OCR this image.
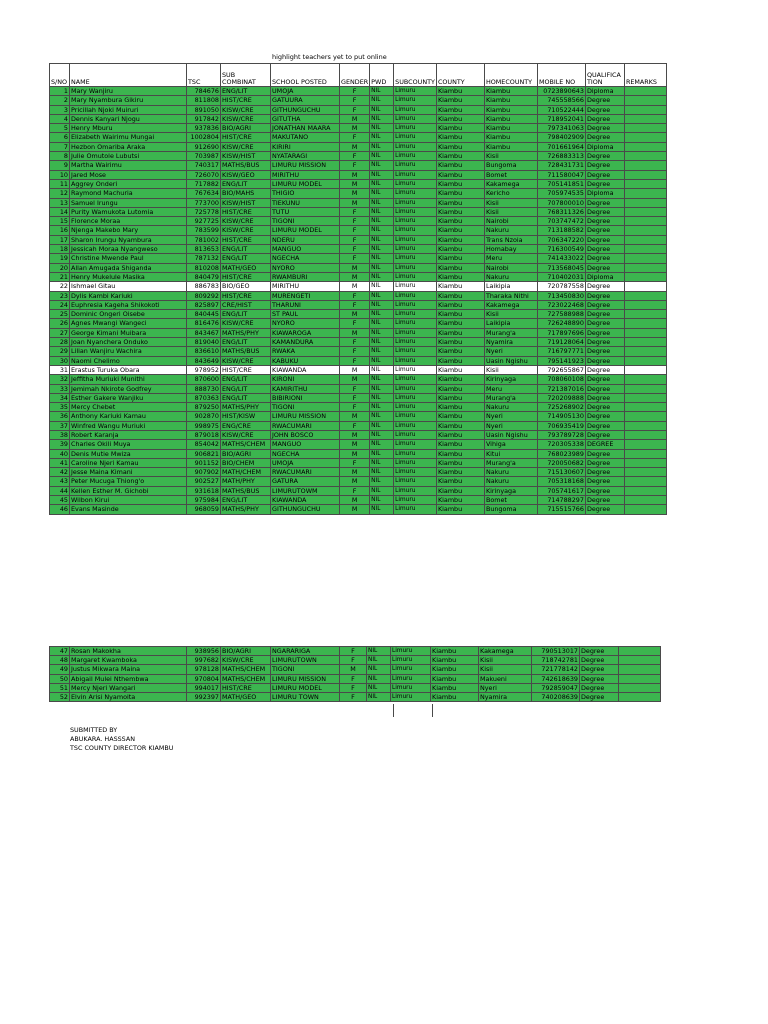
highlight teachers yet to put online
S/NO	NAME	TSC	SUB COMBINAT	SCHOOL POSTED	GENDER	PWD	SUBCOUNTY	COUNTY	HOMECOUNTY	MOBILE NO	QUALIFICA TION	REMARKS
1	Mary Wanjiru	784676	ENG/LIT	UMOJA	F	NIL	Limuru	Kiambu	Kiambu	0723890643	Diploma	
2	Mary Nyambura Gikiru	811808	HIST/CRE	GATUURA	F	NIL	Limuru	Kiambu	Kiambu	745558566	Degree	
3	Pricillah Njoki Muiruri	891050	KISW/CRE	GITHUNGUCHU	F	NIL	Limuru	Kiambu	Kiambu	710522444	Degree	
4	Dennis Kanyari Njogu	917842	KISW/CRE	GITUTHA	M	NIL	Limuru	Kiambu	Kiambu	718952041	Degree	
5	Henry Mburu	937836	BIO/AGRI	JONATHAN MAARA	M	NIL	Limuru	Kiambu	Kiambu	797341063	Degree	
6	Elizabeth Wairimu Mungai	1002804	HIST/CRE	MAKUTANO	F	NIL	Limuru	Kiambu	Kiambu	798402909	Degree	
7	Hezbon Omariba Araka	912690	KISW/CRE	KIRIRI	M	NIL	Limuru	Kiambu	Kiambu	701661964	Diploma	
8	Julie Omutole Lubutsi	703987	KISW/HIST	NYATARAGI	F	NIL	Limuru	Kiambu	Kisii	726883313	Degree	
9	Martha Wairimu	740317	MATHS/BUS	LIMURU MISSION	F	NIL	Limuru	Kiambu	Bungoma	728431731	Degree	
10	Jared Mose	726070	KISW/GEO	MIRITHU	M	NIL	Limuru	Kiambu	Bomet	711580047	Degree	
11	Aggrey Onderi	717882	ENG/LIT	LIMURU MODEL	M	NIL	Limuru	Kiambu	Kakamega	705141851	Degree	
12	Raymond Machuria	767634	BIO/MAHS	THIGIO	M	NIL	Limuru	Kiambu	Kericho	705974535	Diploma	
13	Samuel Irungu	773700	KISW/HIST	TIEKUNU	M	NIL	Limuru	Kiambu	Kisii	707800010	Degree	
14	Purity Wamukota Lutomia	725778	HIST/CRE	TUTU	F	NIL	Limuru	Kiambu	Kisii	768311326	Degree	
15	Florence Moraa	927725	KISW/CRE	TIGONI	F	NIL	Limuru	Kiambu	Nairobi	703747472	Degree	
16	Njenga Makebo Mary	783599	KISW/CRE	LIMURU MODEL	F	NIL	Limuru	Kiambu	Nakuru	713188582	Degree	
17	Sharon Irungu Nyambura	781002	HIST/CRE	NDERU	F	NIL	Limuru	Kiambu	Trans Nzoia	706347220	Degree	
18	Jessicah Moraa Nyangweso	813653	ENG/LIT	MANGUO	F	NIL	Limuru	Kiambu	Homabay	716300549	Degree	
19	Christine Mwende Paul	787132	ENG/LIT	NGECHA	F	NIL	Limuru	Kiambu	Meru	741433022	Degree	
20	Allan Amugada Shiganda	810208	MATH/GEO	NYORO	M	NIL	Limuru	Kiambu	Nairobi	713568045	Degree	
21	Henry Mukelule Masika	840479	HIST/CRE	RWAMBURI	M	NIL	Limuru	Kiambu	Nakuru	710402031	Diploma	
22	Ishmael Gitau	886783	BIO/GEO	MIRITHU	M	NIL	Limuru	Kiambu	Laikipia	720787558	Degree	
23	Dylis Kambi Kariuki	809292	HIST/CRE	MURENGETI	F	NIL	Limuru	Kiambu	Tharaka Nithi	713450830	Degree	
24	Euphresia Kageha Shikokoti	825897	CRE/HIST	THARUNI	F	NIL	Limuru	Kiambu	Kakamega	723022468	Degree	
25	Dominic Ongeri Oisebe	840445	ENG/LIT	ST PAUL	M	NIL	Limuru	Kiambu	Kisii	727588988	Degree	
26	Agnes Mwangi Wangeci	816476	KISW/CRE	NYORO	F	NIL	Limuru	Kiambu	Laikipia	726248890	Degree	
27	George Kimani Muibara	843467	MATHS/PHY	KIAWAROGA	M	NIL	Limuru	Kiambu	Murang'a	717897696	Degree	
28	Joan Nyanchera Onduko	819040	ENG/LIT	KAMANDURA	F	NIL	Limuru	Kiambu	Nyamira	719128064	Degree	
29	Lilian Wanjiru Wachira	836610	MATHS/BUS	RWAKA	F	NIL	Limuru	Kiambu	Nyeri	716797771	Degree	
30	Naomi Chelimo	843649	KISW/CRE	KABUKU	F	NIL	Limuru	Kiambu	Uasin Ngishu	795141923	Degree	
31	Erastus Turuka Obara	978952	HIST/CRE	KIAWANDA	M	NIL	Limuru	Kiambu	Kisii	792655867	Degree	
32	Jeffitha Muriuki Munithi	870600	ENG/LIT	KIRONI	M	NIL	Limuru	Kiambu	Kirinyaga	708060108	Degree	
33	Jemimah Nkirote Godfrey	888730	ENG/LIT	KAMIRITHU	F	NIL	Limuru	Kiambu	Meru	721387016	Degree	
34	Esther Gakere Wanjiku	870363	ENG/LIT	BIBIRIONI	F	NIL	Limuru	Kiambu	Murang'a	720209888	Degree	
35	Mercy Chebet	879250	MATHS/PHY	TIGONI	F	NIL	Limuru	Kiambu	Nakuru	725268902	Degree	
36	Anthony Kariuki Kamau	902870	HIST/KISW	LIMURU MISSION	M	NIL	Limuru	Kiambu	Nyeri	714905130	Degree	
37	Winfred Wangu Muriuki	998975	ENG/CRE	RWACUMARI	F	NIL	Limuru	Kiambu	Nyeri	706935419	Degree	
38	Robert Karanja	879018	KISW/CRE	JOHN BOSCO	M	NIL	Limuru	Kiambu	Uasin Ngishu	793789728	Degree	
39	Charles Okili Muya	854042	MATHS/CHEM	MANGUO	M	NIL	Limuru	Kiambu	Vihiga	720305338	DEGREE	
40	Denis Mutie Mwiza	906821	BIO/AGRI	NGECHA	M	NIL	Limuru	Kiambu	Kitui	768023989	Degree	
41	Caroline Njeri Kamau	901152	BIO/CHEM	UMOJA	F	NIL	Limuru	Kiambu	Murang'a	720050682	Degree	
42	Jesse Maina Kimani	907902	MATH/CHEM	RWACUMARI	M	NIL	Limuru	Kiambu	Nakuru	715130607	Degree	
43	Peter Mucuga Thiong'o	902527	MATH/PHY	GATURA	M	NIL	Limuru	Kiambu	Nakuru	705318168	Degree	
44	Kellen Esther M. Gichobi	931618	MATHS/BUS	LIMURUTOWM	F	NIL	Limuru	Kiambu	Kirinyaga	705741617	Degree	
45	Wilbon Kirui	975984	ENG/LIT	KIAWANDA	M	NIL	Limuru	Kiambu	Bomet	714788297	Degree	
46	Evans Masinde	968059	MATHS/PHY	GITHUNGUCHU	M	NIL	Limuru	Kiambu	Bungoma	715515766	Degree	
47	Rosan Makokha	938956	BIO/AGRI	NGARARIGA	F	NIL	Limuru	Kiambu	Kakamega	790513017	Degree	
48	Margaret Kwamboka	997682	KISW/CRE	LIMURUTOWN	F	NIL	Limuru	Kiambu	Kisii	718742781	Degree	
49	Justus Mikwara Maina	978128	MATHS/CHEM	TIGONI	M	NIL	Limuru	Kiambu	Kisii	721778142	Degree	
50	Abigail Mulei Nthembwa	970804	MATHS/CHEM	LIMURU MISSION	F	NIL	Limuru	Kiambu	Makueni	742618639	Degree	
51	Mercy Njeri Wangari	994017	HIST/CRE	LIMURU MODEL	F	NIL	Limuru	Kiambu	Nyeri	792859047	Degree	
52	Elvin Arisi Nyamoita	992397	MATH/GEO	LIMURU TOWN	F	NIL	Limuru	Kiambu	Nyamira	740208639	Degree	
SUBMITTED BY
ABUKARA. HASSSAN
TSC COUNTY DIRECTOR KIAMBU
